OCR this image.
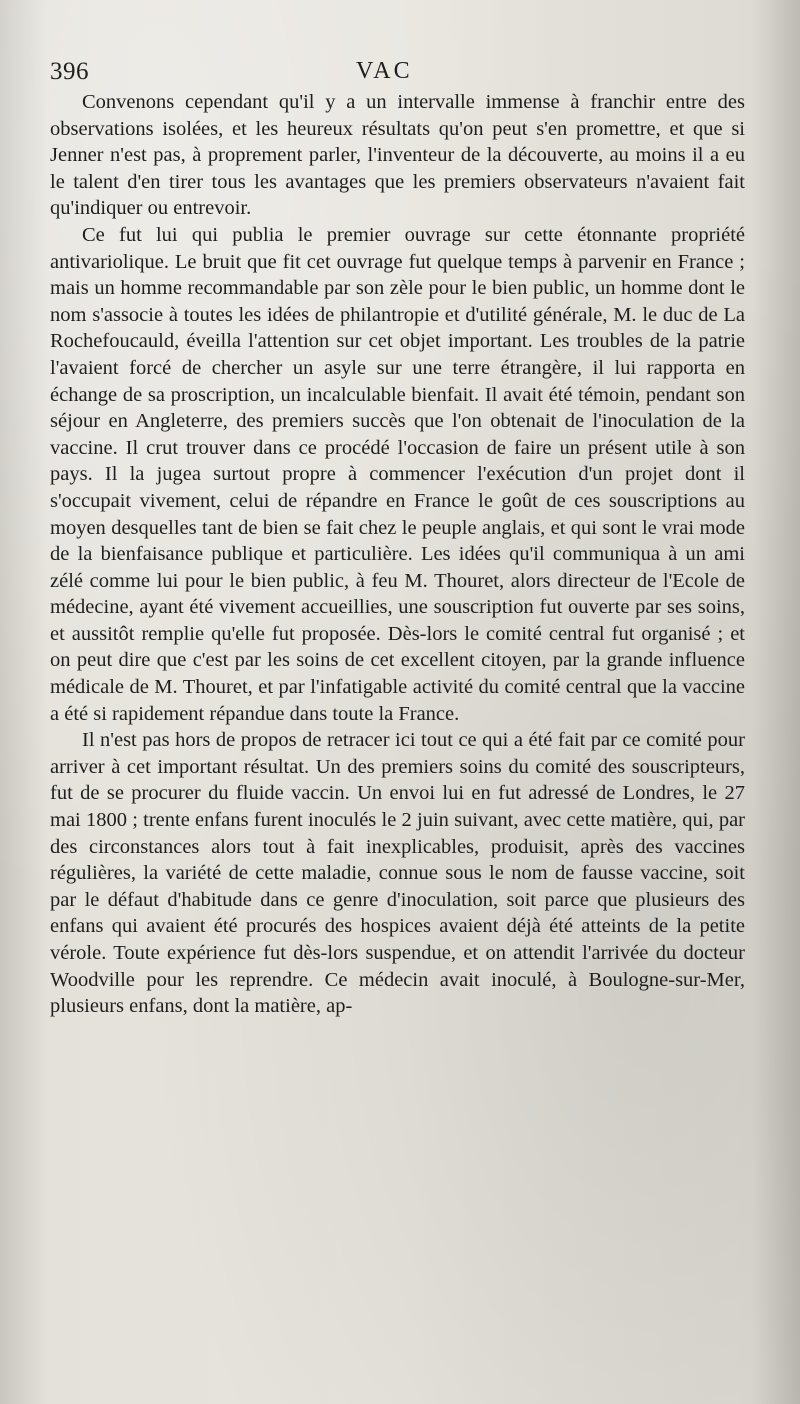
396	VAC

Convenons cependant qu'il y a un intervalle immense à franchir entre des observations isolées, et les heureux résultats qu'on peut s'en promettre, et que si Jenner n'est pas, à proprement parler, l'inventeur de la découverte, au moins il a eu le talent d'en tirer tous les avantages que les premiers observateurs n'avaient fait qu'indiquer ou entrevoir.

Ce fut lui qui publia le premier ouvrage sur cette étonnante propriété antivariolique. Le bruit que fit cet ouvrage fut quelque temps à parvenir en France ; mais un homme recommandable par son zèle pour le bien public, un homme dont le nom s'associe à toutes les idées de philantropie et d'utilité générale, M. le duc de La Rochefoucauld, éveilla l'attention sur cet objet important. Les troubles de la patrie l'avaient forcé de chercher un asyle sur une terre étrangère, il lui rapporta en échange de sa proscription, un incalculable bienfait. Il avait été témoin, pendant son séjour en Angleterre, des premiers succès que l'on obtenait de l'inoculation de la vaccine. Il crut trouver dans ce procédé l'occasion de faire un présent utile à son pays. Il la jugea surtout propre à commencer l'exécution d'un projet dont il s'occupait vivement, celui de répandre en France le goût de ces souscriptions au moyen desquelles tant de bien se fait chez le peuple anglais, et qui sont le vrai mode de la bienfaisance publique et particulière. Les idées qu'il communiqua à un ami zélé comme lui pour le bien public, à feu M. Thouret, alors directeur de l'Ecole de médecine, ayant été vivement accueillies, une souscription fut ouverte par ses soins, et aussitôt remplie qu'elle fut proposée. Dès-lors le comité central fut organisé ; et on peut dire que c'est par les soins de cet excellent citoyen, par la grande influence médicale de M. Thouret, et par l'infatigable activité du comité central que la vaccine a été si rapidement répandue dans toute la France.

Il n'est pas hors de propos de retracer ici tout ce qui a été fait par ce comité pour arriver à cet important résultat. Un des premiers soins du comité des souscripteurs, fut de se procurer du fluide vaccin. Un envoi lui en fut adressé de Londres, le 27 mai 1800 ; trente enfans furent inoculés le 2 juin suivant, avec cette matière, qui, par des circonstances alors tout à fait inexplicables, produisit, après des vaccines régulières, la variété de cette maladie, connue sous le nom de fausse vaccine, soit par le défaut d'habitude dans ce genre d'inoculation, soit parce que plusieurs des enfans qui avaient été procurés des hospices avaient déjà été atteints de la petite vérole. Toute expérience fut dès-lors suspendue, et on attendit l'arrivée du docteur Woodville pour les reprendre. Ce médecin avait inoculé, à Boulogne-sur-Mer, plusieurs enfans, dont la matière, ap-
